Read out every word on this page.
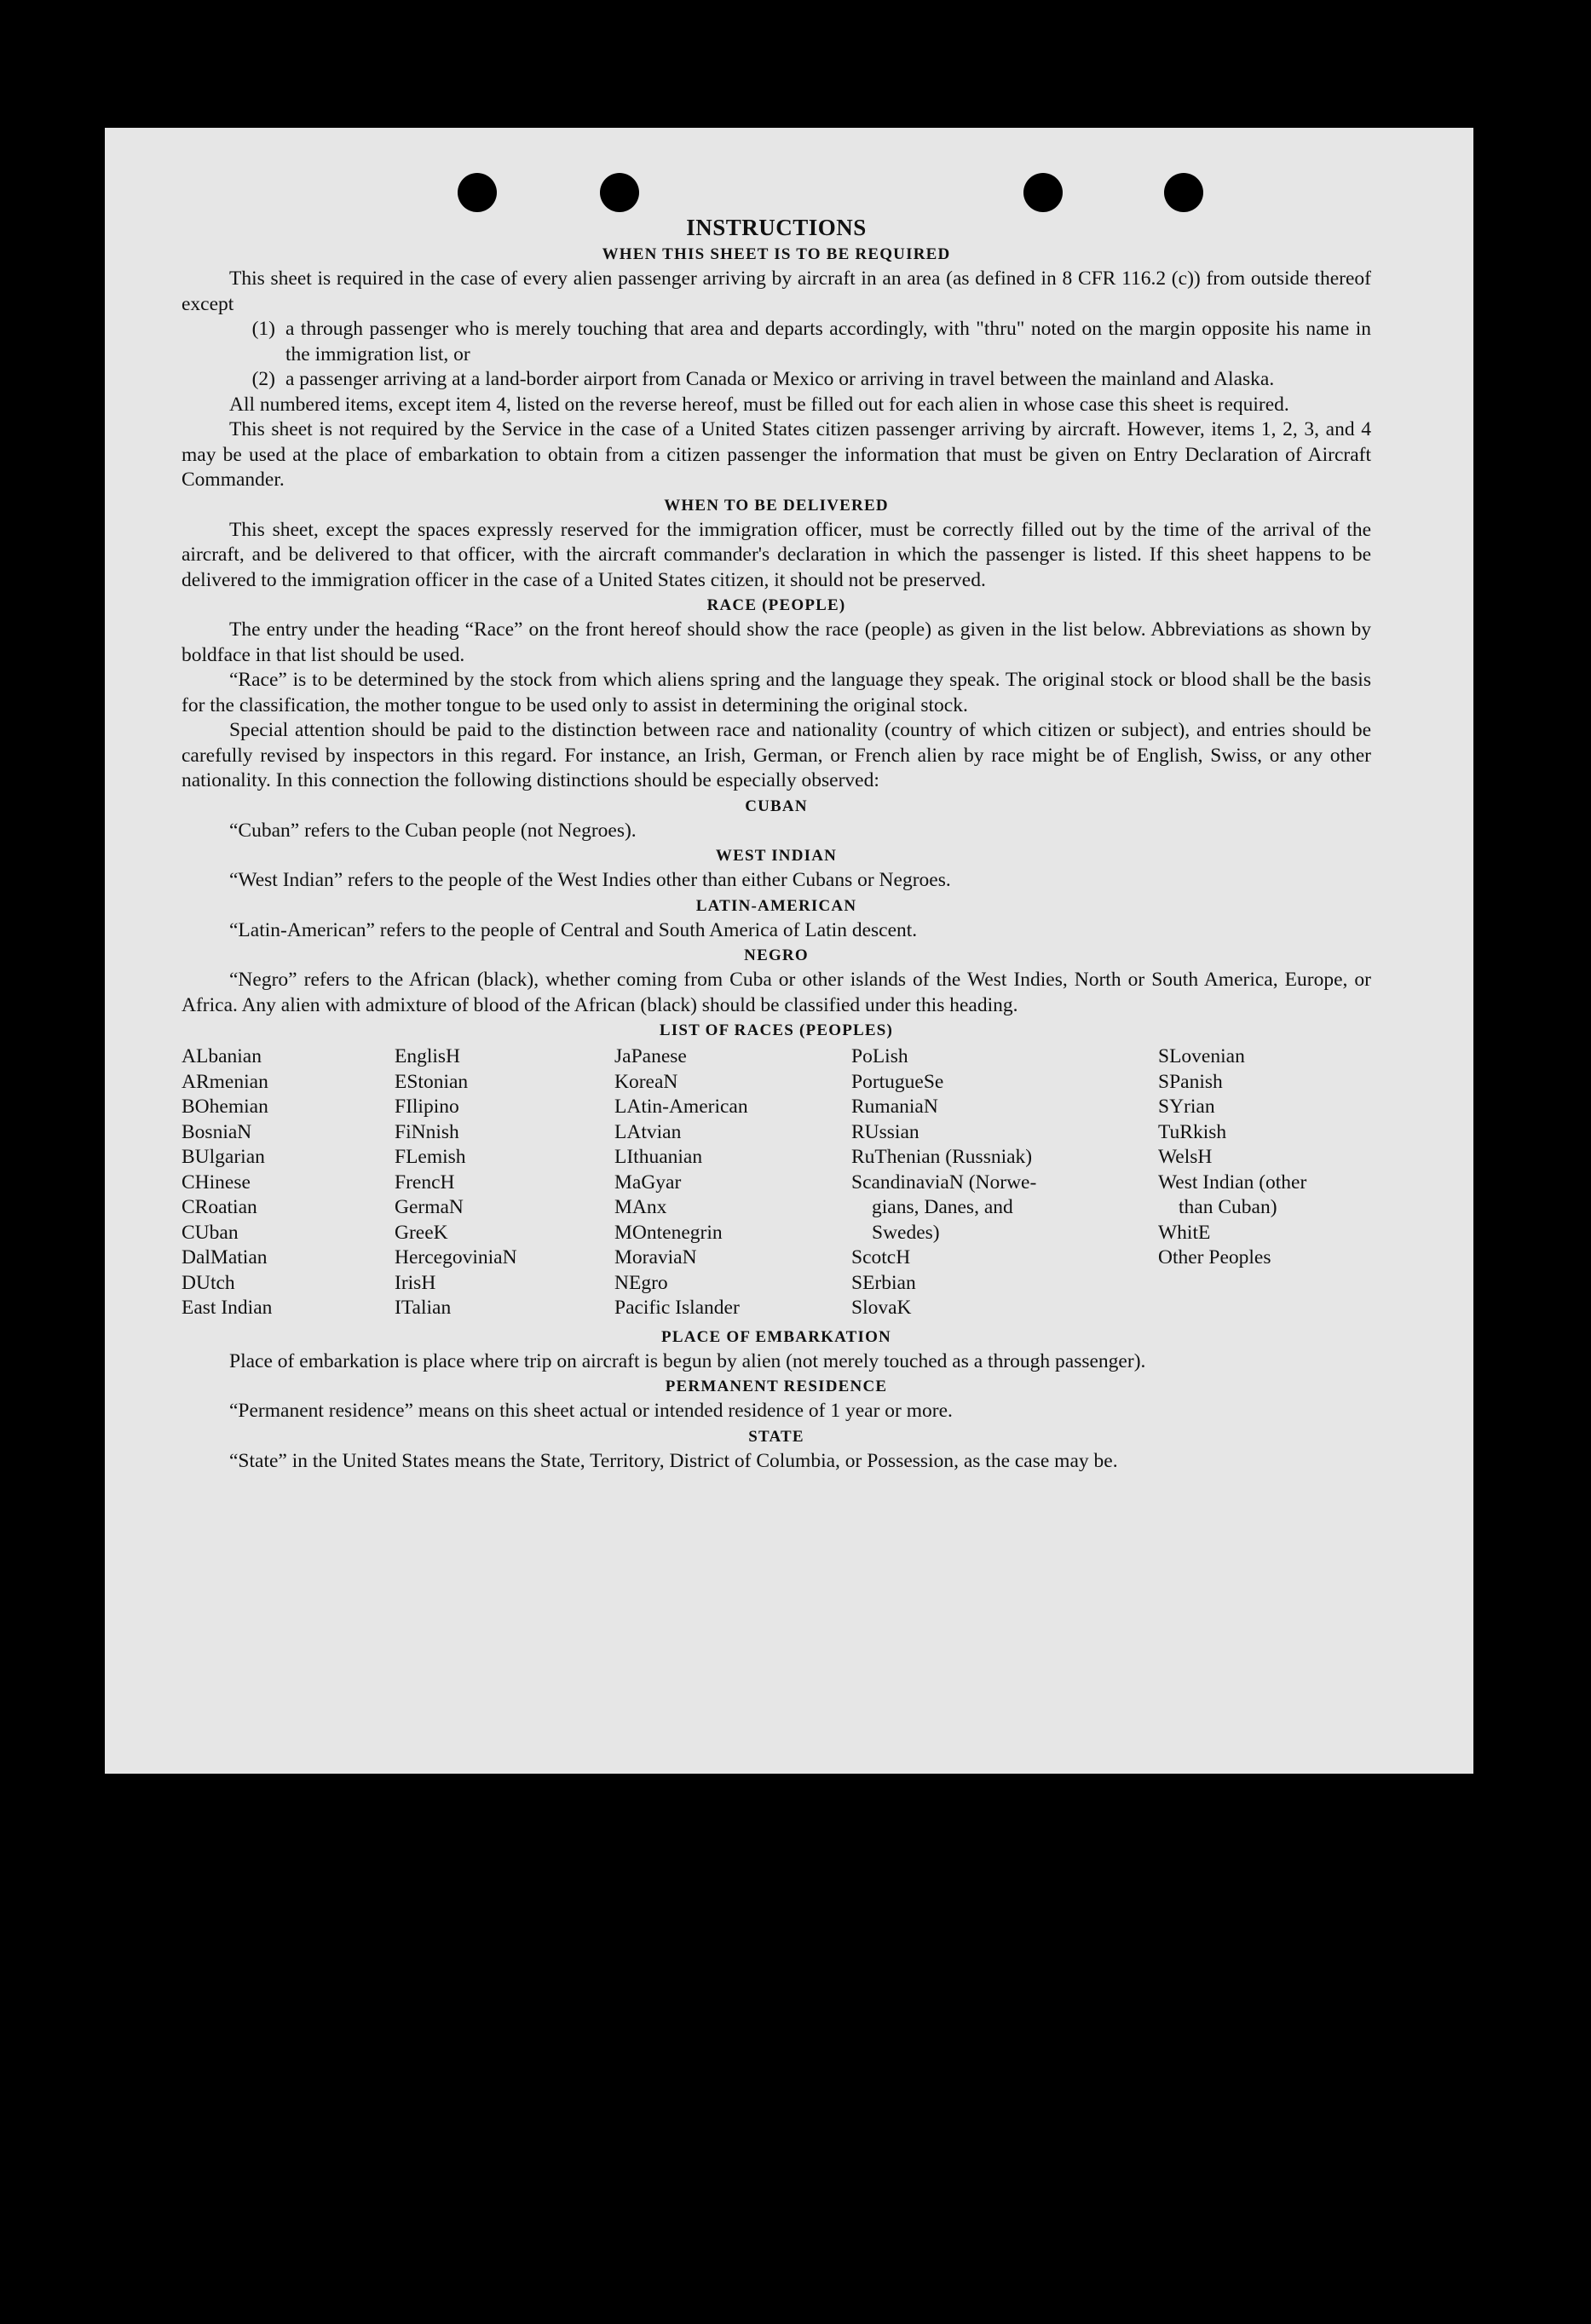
INSTRUCTIONS
WHEN THIS SHEET IS TO BE REQUIRED

This sheet is required in the case of every alien passenger arriving by aircraft in an area (as defined in 8 CFR 116.2 (c)) from outside thereof except

(1) a through passenger who is merely touching that area and departs accordingly, with "thru" noted on the margin opposite his name in the immigration list, or
(2) a passenger arriving at a land-border airport from Canada or Mexico or arriving in travel between the mainland and Alaska.

All numbered items, except item 4, listed on the reverse hereof, must be filled out for each alien in whose case this sheet is required.

This sheet is not required by the Service in the case of a United States citizen passenger arriving by aircraft. However, items 1, 2, 3, and 4 may be used at the place of embarkation to obtain from a citizen passenger the information that must be given on Entry Declaration of Aircraft Commander.

WHEN TO BE DELIVERED

This sheet, except the spaces expressly reserved for the immigration officer, must be correctly filled out by the time of the arrival of the aircraft, and be delivered to that officer, with the aircraft commander's declaration in which the passenger is listed. If this sheet happens to be delivered to the immigration officer in the case of a United States citizen, it should not be preserved.

RACE (PEOPLE)

The entry under the heading “Race” on the front hereof should show the race (people) as given in the list below. Abbreviations as shown by boldface in that list should be used.

“Race” is to be determined by the stock from which aliens spring and the language they speak. The original stock or blood shall be the basis for the classification, the mother tongue to be used only to assist in determining the original stock.

Special attention should be paid to the distinction between race and nationality (country of which citizen or subject), and entries should be carefully revised by inspectors in this regard. For instance, an Irish, German, or French alien by race might be of English, Swiss, or any other nationality. In this connection the following distinctions should be especially observed:

CUBAN

“Cuban” refers to the Cuban people (not Negroes).

WEST INDIAN

“West Indian” refers to the people of the West Indies other than either Cubans or Negroes.

LATIN-AMERICAN

“Latin-American” refers to the people of Central and South America of Latin descent.

NEGRO

“Negro” refers to the African (black), whether coming from Cuba or other islands of the West Indies, North or South America, Europe, or Africa. Any alien with admixture of blood of the African (black) should be classified under this heading.

LIST OF RACES (PEOPLES)
ALbanian
ARmenian
BOhemian
BosniaN
BUlgarian
CHinese
CRoatian
CUban
DalMatian
DUtch
East Indian
EnglisH
EStonian
FIlipino
FiNnish
FLemish
FrencH
GermaN
GreeK
HercegoviniaN
IrisH
ITalian
JaPanese
KoreaN
LAtin-American
LAtvian
LIthuanian
MaGyar
MAnx
MOntenegrin
MoraviaN
NEgro
Pacific Islander
PoLish
PortugueSe
RumaniaN
RUssian
RuThenian (Russniak)
ScandinaviaN (Norwe-
gians, Danes, and
Swedes)
ScotcH
SErbian
SlovaK
SLovenian
SPanish
SYrian
TuRkish
WelsH
West Indian (other
than Cuban)
WhitE
Other Peoples
PLACE OF EMBARKATION

Place of embarkation is place where trip on aircraft is begun by alien (not merely touched as a through passenger).

PERMANENT RESIDENCE

“Permanent residence” means on this sheet actual or intended residence of 1 year or more.

STATE

“State” in the United States means the State, Territory, District of Columbia, or Possession, as the case may be.
